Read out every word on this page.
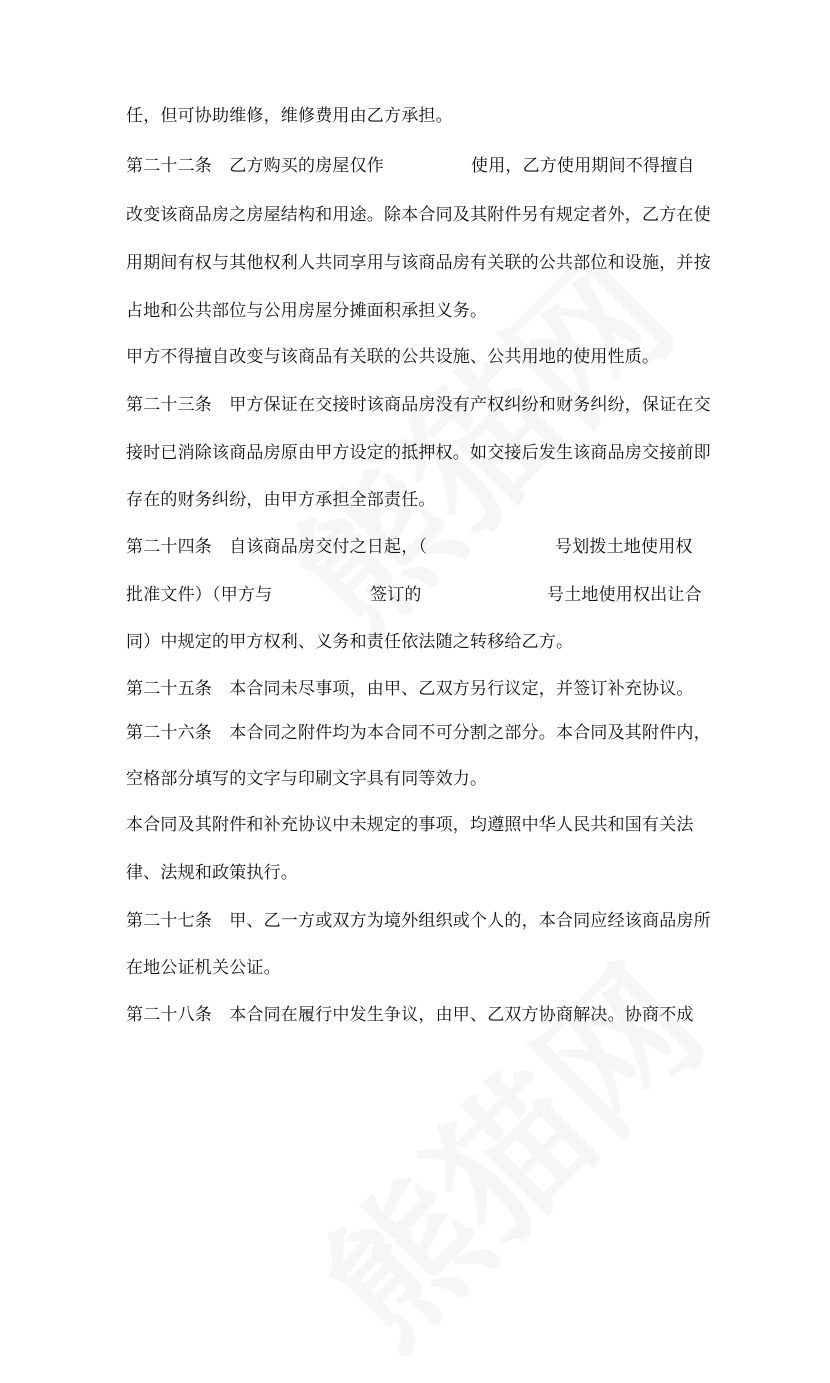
任，但可协助维修，维修费用由乙方承担。
第二十二条　乙方购买的房屋仅作	使用，乙方使用期间不得擅自
改变该商品房之房屋结构和用途。除本合同及其附件另有规定者外，乙方在使
用期间有权与其他权利人共同享用与该商品房有关联的公共部位和设施，并按
占地和公共部位与公用房屋分摊面积承担义务。
甲方不得擅自改变与该商品有关联的公共设施、公共用地的使用性质。
第二十三条　甲方保证在交接时该商品房没有产权纠纷和财务纠纷，保证在交
接时已消除该商品房原由甲方设定的抵押权。如交接后发生该商品房交接前即
存在的财务纠纷，由甲方承担全部责任。
第二十四条　自该商品房交付之日起，（	号划拨土地使用权
批准文件）（甲方与	签订的	号土地使用权出让合
同）中规定的甲方权利、义务和责任依法随之转移给乙方。
第二十五条　本合同未尽事项，由甲、乙双方另行议定，并签订补充协议。
第二十六条　本合同之附件均为本合同不可分割之部分。本合同及其附件内，
空格部分填写的文字与印刷文字具有同等效力。
本合同及其附件和补充协议中未规定的事项，均遵照中华人民共和国有关法
律、法规和政策执行。
第二十七条　甲、乙一方或双方为境外组织或个人的，本合同应经该商品房所
在地公证机关公证。
第二十八条　本合同在履行中发生争议，由甲、乙双方协商解决。协商不成
